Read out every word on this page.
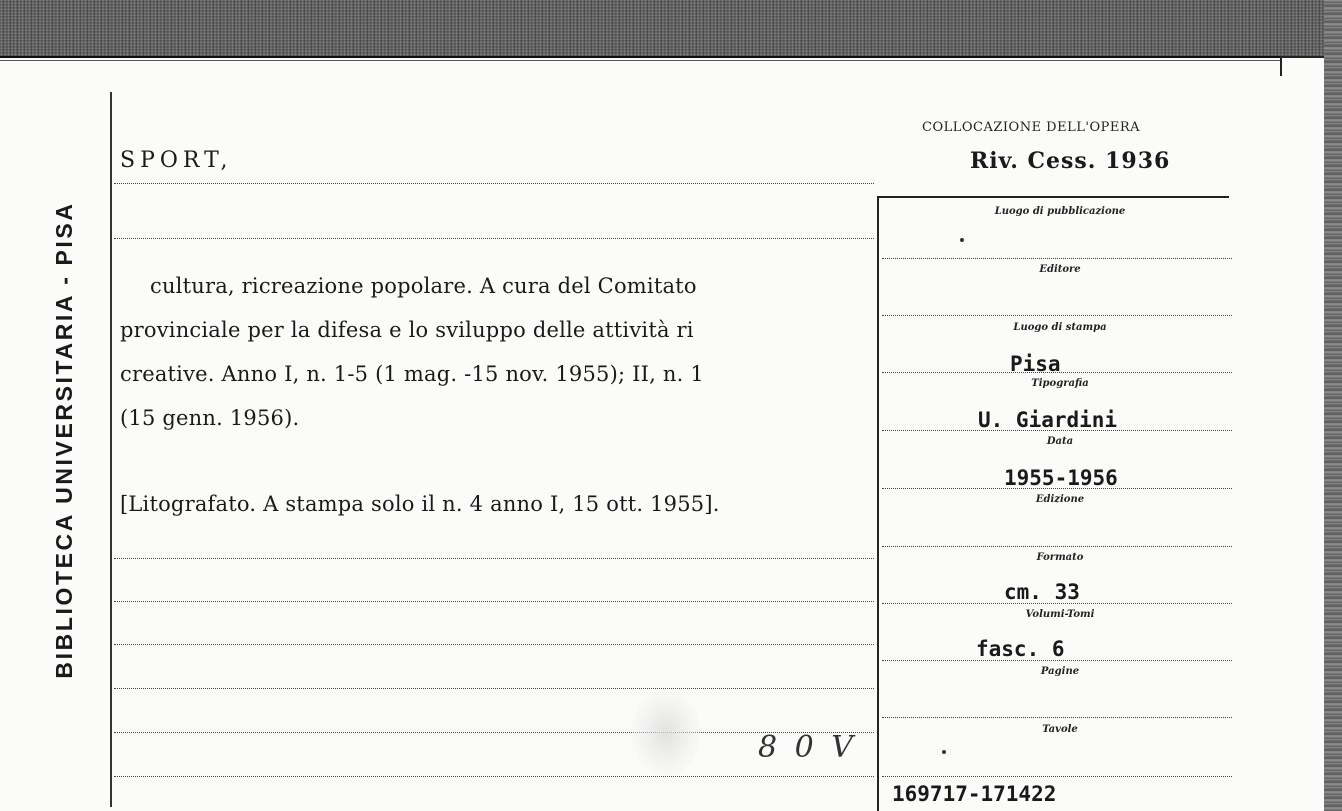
BIBLIOTECA UNIVERSITARIA - PISA
SPORT,
cultura, ricreazione popolare. A cura del Comitato
provinciale per la difesa e lo sviluppo delle attività ri
creative. Anno I, n. 1-5 (1 mag. -15 nov. 1955); II, n. 1
(15 genn. 1956).
[Litografato. A stampa solo il n. 4 anno I, 15 ott. 1955].
8 0 V
COLLOCAZIONE DELL'OPERA
Riv. Cess. 1936
Luogo di pubblicazione
Editore
Luogo di stampa
Pisa
Tipografia
U. Giardini
Data
1955-1956
Edizione
Formato
cm. 33
Volumi-Tomi
fasc. 6
Pagine
Tavole
169717-171422
